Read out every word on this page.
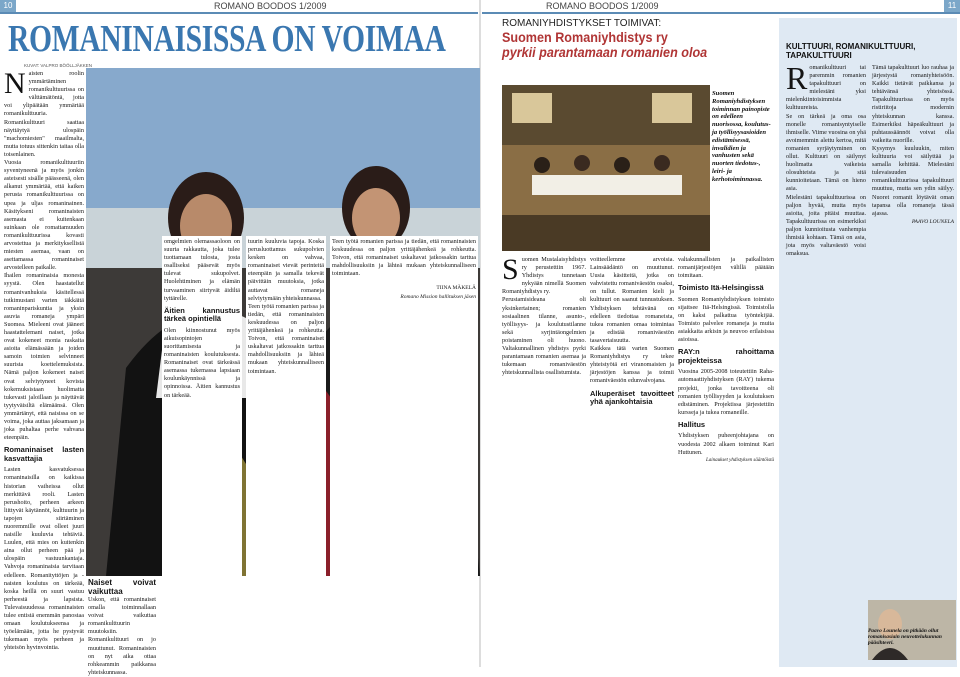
10	ROMANO BOODOS 1/2009	ROMANO BOODOS 1/2009	11
ROMANINAISISSA ON VOIMAA
KUVAT: VALPRO BÖÖLLJÄKKEN

Naisten roolin ymmärtäminen romanikulttuurissa on välttämätöntä, jotta voi ylipäätään ymmärtää romanikulttuuria. Romanikulttuuri saattaa näyttäytyä ulospäin "machomiesten" maailmalta, mutta totuus sittenkin taitaa olla toisenlainen.

Vuosia romanikulttuuriin syventyneenä ja myös jonkin asteisesti sisälle päässeenä, olen alkanut ymmärtää, että kaiken perusta romanikulttuurissa on upea ja uljas romaninainen. Käsitykseni romaninaisten asemasta ei kuitenkaan suinkaan ole romattamuuden romanikulttuurissa kovasti arvostettua ja merkityksellistä miesten asemaa, vaan on asettamassa romaninaiset arvostelleen paikalle.

Ihailen romaninaisia monesta syystä. Olen haastatellut romanivanhuksia käsitellessä tutkimustani varten iäkkäitä romaninpariskuntia ja yksin asuvia romaneja ympäri Suomea. Mieleeni ovat jääneet haastattelemani naiset, jotka ovat kokeneet monia raskaita asioita elämässään ja joiden samoin toimien selvinneet suurista koettelemuksista. Nämä paljon kokeneet naiset ovat selviytyneet kovista kokemuksistaan huolimatta tukevasti jaloillaan ja näyttävät tyytyväisiltä elämäänsä. Olen ymmärtänyt, että naisissa on se voima, joka auttaa jaksamaan ja joka puhaltaa perhe vahvana eteenpäin.

Romaninaiset lasten kasvattajia

Lasten kasvatuksessa romaninaisilla on kaikissa historian vaiheissa ollut merkittävä rooli. Lasten perushoito, perheen arkeen liittyvät käytännöt, kulttuurin ja tapojen siirtäminen nuoremmille ovat olleet juuri naisille kuuluvia tehtäviä. Luulen, että mies on kuitenkin aina ollut perheen pää ja ulospäin vastuunkantaja. Vahvoja romaninaisia tarvitaan edelleen. Romanityttöjen ja -naisten koulutus on tärkeää, koska heillä on suuri vastuu perheestä ja lapsista. Tulevaisuudessa romaninaisten tulee entistä enemmän panostaa omaan koulutukseensa ja työelämään, jotta he pystyvät tukemaan myös perheen ja yhteisön hyvinvointia.

Naiset voivat vaikuttaa

Uskon, että romaninaiset omalla toiminnallaan voivat vaikuttaa romanikulttuurin muutoksiin. Romanikulttuuri on jo muuttunut. Romaninaisten on nyt aika ottaa rohkeammin paikkansa yhteiskunnassa.

omgelmien olemassaoloon on suurta rakkautta, joka tulee tuottamaan tulosta, josta osalliseksi pääsevät myös tulevat sukupolvet. Huolehtiminen ja elämän turvaaminen siirtyvät äidiltä tyttärelle.

Äitien kannustus tärkeä opintiellä

Olen kiinnostunut myös aikuisopintojen suorittamisesta ja romaninaisten koulutuksesta. Romaninaiset ovat tärkeässä asemassa tukemassa lapsiaan koulunkäynnissä ja opinnoissa. Äitien kannustus on tärkeää.

tuurin kuuluvia tapoja. Koska perusluottamus sukupolvien kesken on vahvaa, romaninaiset vievät perinteitä eteenpäin ja samalla tekevät päivittäin muutoksia, jotka auttavat romaneja selviytymään yhteiskunnassa.

Teen työtä romanien parissa ja tiedän, että romaninaisten keskuudessa on paljon yrittäjähenkeä ja rohkeutta. Toivon, että romaninaiset uskaltavat jatkossakin tarttua mahdollisuuksiin ja lähteä mukaan yhteiskunnalliseen toimintaan.

Teen työtä romanien parissa ja tiedän, että romaninaisten keskuudessa on paljon yrittäjähenkeä ja rohkeutta. Toivon, että romaninaiset uskaltavat jatkossakin tarttua mahdollisuuksiin ja lähteä mukaan yhteiskunnalliseen toimintaan.

TIINA MÄKELÄ

Romano Mission hallituksen jäsen

ROMANIYHDISTYKSET TOIMIVAT:
Suomen Romaniyhdistys ry
pyrkii parantamaan romanien oloa
Suomen Romaniyhdistyksen toiminnan painopiste on edelleen nuorisossa, koulutus- ja työllisyysasioiden edistämisessä, invalidien ja vanhusten sekä nuorten tiedotus-, leiri- ja kerhotoiminnassa.

Suomen Mustalaisyhdistys ry perustettiin 1967. Yhdistys tunnetaan nykyään nimellä Suomen Romaniyhdistys ry.

Perustamisideana oli yksinkertainen; romanien sosiaalinen tilanne, asunto-, työllisyys- ja koulutustilanne sekä syrjintäongelmien poistaminen oli huono. Valtakunnallinen yhdistys pyrki parantamaan romanien asemaa ja tukemaan romaniväestön yhteiskunnallista osallistumista.

voitteellemme arvoisia. Lainsäädäntö on muuttunut. Uusia käsitteitä, jotka on vahvistettu romaniväestön osaksi, on tullut. Romanien kieli ja kulttuuri on saanut tunnustuksen. Yhdistyksen tehtävänä on edelleen tiedottaa romaneista, tukea romanien omaa toimintaa ja edistää romaniväestön tasavertaisuutta.

Kaikkea tätä varten Suomen Romaniyhdistys ry tekee yhteistyötä eri viranomaisten ja järjestöjen kanssa ja toimii romaniväestön edunvalvojana.

Alkuperäiset tavoitteet yhä ajankohtaisia

valtakunnallisten ja paikallisten romanijärjestöjen välillä päätään toimitaan.

Toimisto Itä-Helsingissä

Suomen Romaniyhdistyksen toimisto sijaitsee Itä-Helsingissä. Toimistolla on kaksi palkattua työntekijää. Toimisto palvelee romaneja ja muita asiakkaita arkisin ja neuvoo erilaisissa asioissa.

RAY:n rahoittama projekteissa

Vuosina 2005-2008 toteutettiin Raha-automaattiyhdistyksen (RAY) tukema projekti, jonka tavoitteena oli romanien työllisyyden ja koulutuksen edistäminen. Projektissa järjestettiin kursseja ja tukea romaneille.

Hallitus

Yhdistyksen puheenjohtajana on vuodesta 2002 alkaen toiminut Kari Huttunen.

Lainaukset yhdistyksen sääntöistä

KULTTUURI, ROMANIKULTTUURI, TAPAKULTTUURI

Romanikulttuuri tai paremmin romanien tapakulttuuri on mielestäni yksi mielenkiintoisimmista kulttuureista.

Se on tärkeä ja oma osa monelle romanisyntyiselle ihmiselle. Viime vuosina on yhä avoimemmin alettu kertoa, mitä romanien syrjäytyminen on ollut. Kulttuuri on säilynyt huolimatta vaikeista olosuhteista ja sitä kunnioitetaan. Tämä on hieno asia.

Mielestäni tapakulttuurissa on paljon hyvää, mutta myös asioita, joita pitäisi muuttaa. Tapakulttuurissa on esimerkiksi paljon kunnioitusta vanhempia ihmisiä kohtaan. Tämä on asia, jota myös valtaväestö voisi omaksua.

Tämä tapakulttuuri luo rauhaa ja järjestystä romaniyhteisöön. Kaikki tietävät paikkansa ja tehtävänsä yhteisössä. Tapakulttuurissa on myös ristiriitoja modernin yhteiskunnan kanssa. Esimerkiksi häpeäkulttuuri ja puhtaussäännöt voivat olla vaikeita nuorille.

Kysymys kuuluukin, miten kulttuuria voi säilyttää ja samalla kehittää. Mielestäni tulevaisuuden romanikulttuurissa tapakulttuuri muuttuu, mutta sen ydin säilyy. Nuoret romanit löytävät oman tapansa olla romaneja tässä ajassa.

PAAVO LOUNELA

Paavo Lounela on pitkään ollut romanisasiain neuvottelukunnan pääsihteeri.
